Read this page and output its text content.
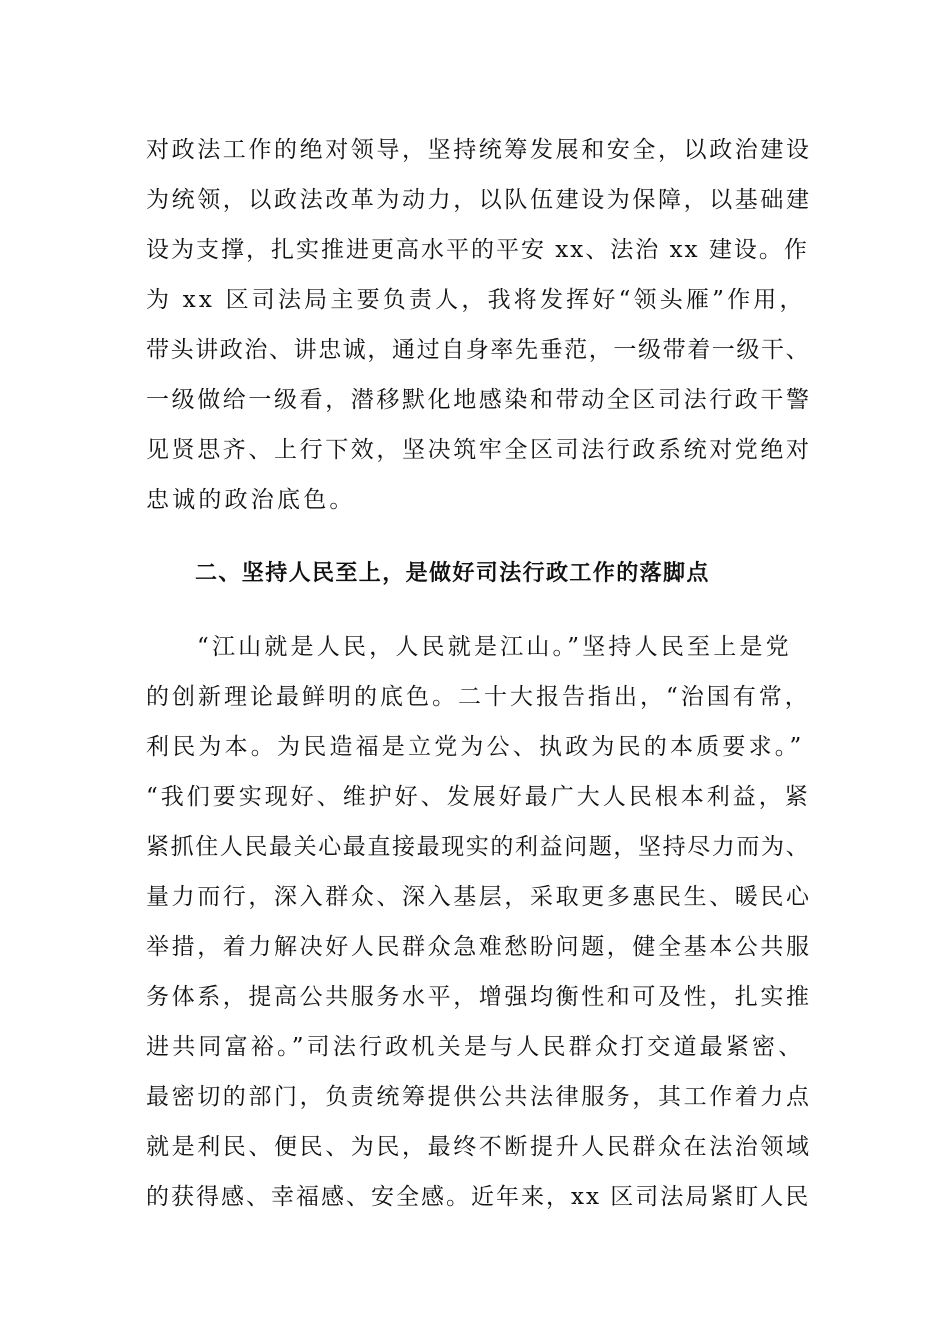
对政法工作的绝对领导，坚持统筹发展和安全，以政治建设
为统领，以政法改革为动力，以队伍建设为保障，以基础建
设为支撑，扎实推进更高水平的平安 xx、法治 xx 建设。作
为 xx 区司法局主要负责人，我将发挥好“领头雁”作用，
带头讲政治、讲忠诚，通过自身率先垂范，一级带着一级干、
一级做给一级看，潜移默化地感染和带动全区司法行政干警
见贤思齐、上行下效，坚决筑牢全区司法行政系统对党绝对
忠诚的政治底色。
二、坚持人民至上，是做好司法行政工作的落脚点
“江山就是人民，人民就是江山。”坚持人民至上是党
的创新理论最鲜明的底色。二十大报告指出，“治国有常，
利民为本。为民造福是立党为公、执政为民的本质要求。”
“我们要实现好、维护好、发展好最广大人民根本利益，紧
紧抓住人民最关心最直接最现实的利益问题，坚持尽力而为、
量力而行，深入群众、深入基层，采取更多惠民生、暖民心
举措，着力解决好人民群众急难愁盼问题，健全基本公共服
务体系，提高公共服务水平，增强均衡性和可及性，扎实推
进共同富裕。”司法行政机关是与人民群众打交道最紧密、
最密切的部门，负责统筹提供公共法律服务，其工作着力点
就是利民、便民、为民，最终不断提升人民群众在法治领域
的获得感、幸福感、安全感。近年来，xx 区司法局紧盯人民
